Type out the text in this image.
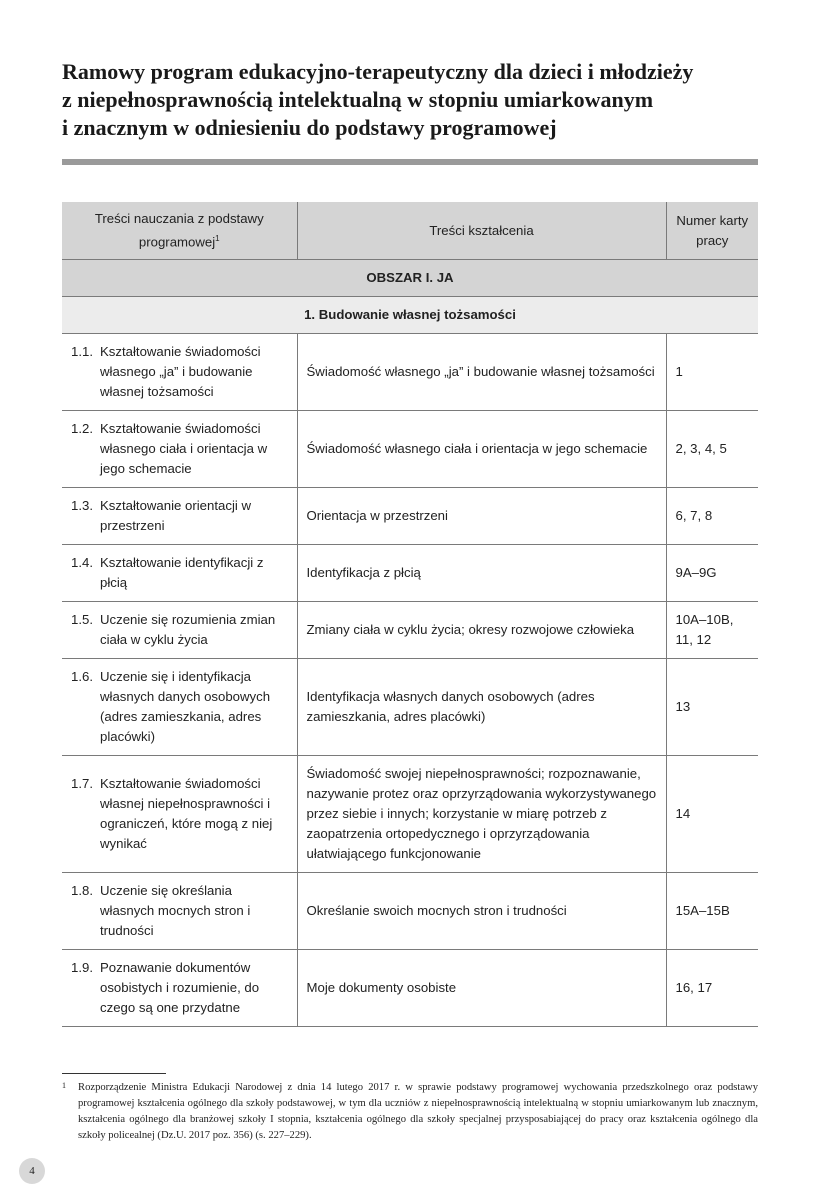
Ramowy program edukacyjno-terapeutyczny dla dzieci i młodzieży
z niepełnosprawnością intelektualną w stopniu umiarkowanym
i znacznym w odniesieniu do podstawy programowej
Treści nauczania z podstawy programowej$^1$	Treści kształcenia	Numer karty pracy
OBSZAR I. JA		
1. Budowanie własnej tożsamości		

1.1. Kształtowanie świadomości własnego „ja” i budowanie własnej tożsamości	Świadomość własnego „ja” i budowanie własnej tożsamości	1

1.2. Kształtowanie świadomości własnego ciała i orientacja w jego schemacie	Świadomość własnego ciała i orientacja w jego schemacie	2, 3, 4, 5

1.3. Kształtowanie orientacji w przestrzeni	Orientacja w przestrzeni	6, 7, 8

1.4. Kształtowanie identyfikacji z płcią	Identyfikacja z płcią	9A–9G

1.5. Uczenie się rozumienia zmian ciała w cyklu życia	Zmiany ciała w cyklu życia; okresy rozwojowe człowieka	10A–10B, 11, 12

1.6. Uczenie się i identyfikacja własnych danych osobowych (adres zamieszkania, adres placówki)	Identyfikacja własnych danych osobowych (adres zamieszkania, adres placówki)	13

1.7. Kształtowanie świadomości własnej niepełnosprawności i ograniczeń, które mogą z niej wynikać	Świadomość swojej niepełnosprawności; rozpoznawanie, nazywanie protez oraz oprzyrządowania wykorzystywanego przez siebie i innych; korzystanie w miarę potrzeb z zaopatrzenia ortopedycznego i oprzyrządowania ułatwiającego funkcjonowanie	14

1.8. Uczenie się określania własnych mocnych stron i trudności	Określanie swoich mocnych stron i trudności	15A–15B

1.9. Poznawanie dokumentów osobistych i rozumienie, do czego są one przydatne	Moje dokumenty osobiste	16, 17
1	Rozporządzenie Ministra Edukacji Narodowej z dnia 14 lutego 2017 r. w sprawie podstawy programowej wychowania przedszkolnego oraz podstawy programowej kształcenia ogólnego dla szkoły podstawowej, w tym dla uczniów z niepełnosprawnością intelektualną w stopniu umiarkowanym lub znacznym, kształcenia ogólnego dla branżowej szkoły I stopnia, kształcenia ogólnego dla szkoły specjalnej przysposabiającej do pracy oraz kształcenia ogólnego dla szkoły policealnej (Dz.U. 2017 poz. 356) (s. 227–229).
4
